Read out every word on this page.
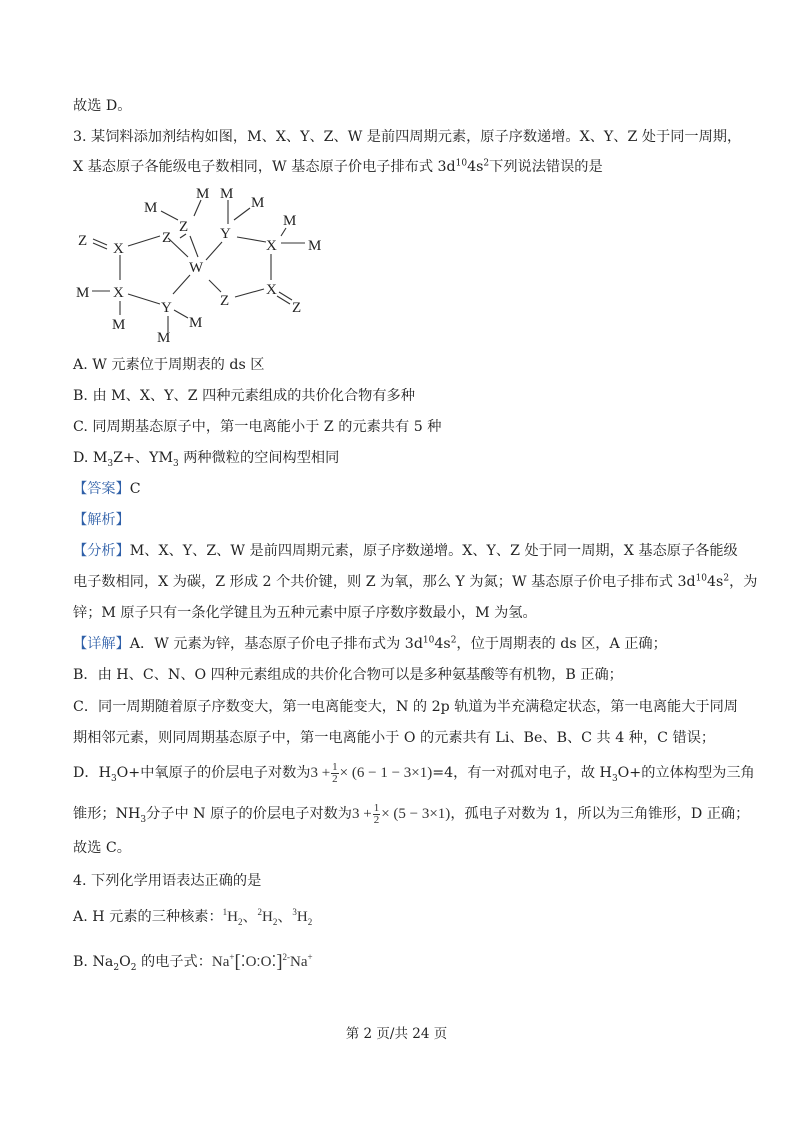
故选 D。
3. 某饲料添加剂结构如图，M、X、Y、Z、W 是前四周期元素，原子序数递增。X、Y、Z 处于同一周期，
X 基态原子各能级电子数相同，W 基态原子价电子排布式 $3d^{10}4s^2$下列说法错误的是
M
M
Z
M
Y
M
M
Z
X
Z
W
X M
M X	Z
X
Z
M
Y
M
M
A. W 元素位于周期表的 ds 区
B. 由 M、X、Y、Z 四种元素组成的共价化合物有多种
C. 同周期基态原子中，第一电离能小于 Z 的元素共有 5 种
D. $M_3Z+$、$YM_3$ 两种微粒的空间构型相同
【答案】C
【解析】
【分析】M、X、Y、Z、W 是前四周期元素，原子序数递增。X、Y、Z 处于同一周期，X 基态原子各能级
电子数相同，X 为碳，Z 形成 2 个共价键，则 Z 为氧，那么 Y 为氮；W 基态原子价电子排布式 $3d^{10}4s^2$，为
锌；M 原子只有一条化学键且为五种元素中原子序数序数最小，M 为氢。
【详解】A．W 元素为锌，基态原子价电子排布式为 $3d^{10}4s^2$，位于周期表的 ds 区，A 正确；
B．由 H、C、N、O 四种元素组成的共价化合物可以是多种氨基酸等有机物，B 正确；
C．同一周期随着原子序数变大，第一电离能变大，N 的 2p 轨道为半充满稳定状态，第一电离能大于同周
期相邻元素，则同周期基态原子中，第一电离能小于 O 的元素共有 Li、Be、B、C 共 4 种，C 错误；
D．$H_3O+$中氧原子的价层电子对数为$3 + \frac{1}{2} \times (6 - 1 - 3\times 1)=4$，有一对孤对电子，故 $H_3O+$的立体构型为三角
锥形；$NH_3$分子中 N 原子的价层电子对数为$3 + \frac{1}{2} \times (5 - 3\times 1)$，孤电子对数为 1，所以为三角锥形，D 正确；
故选 C。
4. 下列化学用语表达正确的是
A. H 元素的三种核素：$^1H_2$、$^2H_2$、$^3H_2$
B. $Na_2O_2$ 的电子式：Na+[⁚O:O⁚]$^{2-}$Na+
第 2 页/共 24 页
